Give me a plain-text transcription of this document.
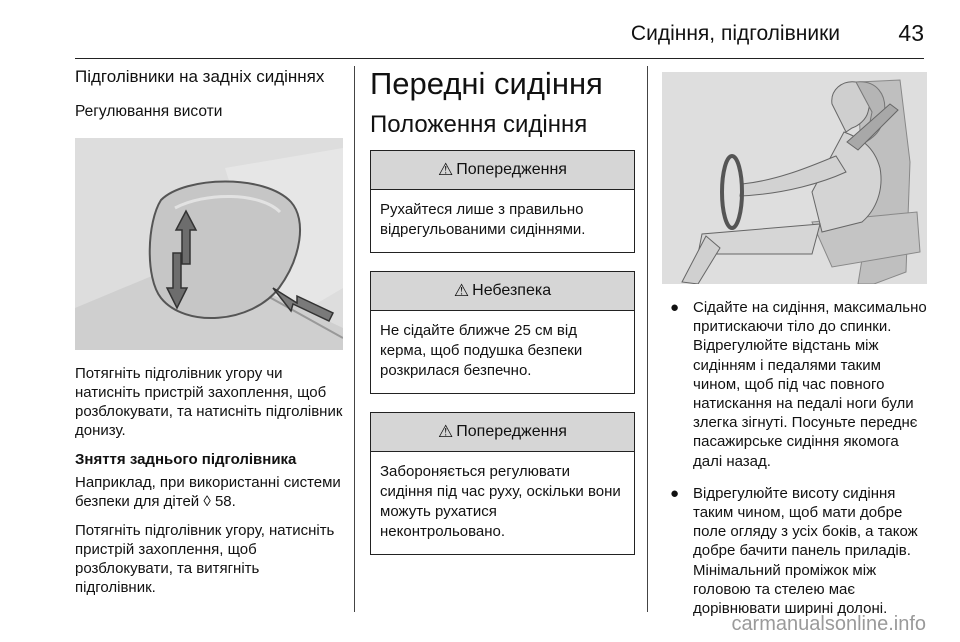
Сидіння, підголівники	43
Підголівники на задніх сидіннях
Регулювання висоти
Потягніть підголівник угору чи натисніть пристрій захоплення, щоб розблокувати, та натисніть підголівник донизу.
Зняття заднього підголівника
Наприклад, при використанні системи безпеки для дітей ◊ 58.
Потягніть підголівник угору, натисніть пристрій захоплення, щоб розблокувати, та витягніть підголівник.
Передні сидіння
Положення сидіння
⚠ Попередження
Рухайтеся лише з правильно відрегульованими сидіннями.
⚠ Небезпека
Не сідайте ближче 25 см від керма, щоб подушка безпеки розкрилася безпечно.
⚠ Попередження
Забороняється регулювати сидіння під час руху, оскільки вони можуть рухатися неконтрольовано.
● Сідайте на сидіння, максимально притискаючи тіло до спинки. Відрегулюйте відстань між сидінням і педалями таким чином, щоб під час повного натискання на педалі ноги були злегка зігнуті. Посуньте переднє пасажирське сидіння якомога далі назад.
● Відрегулюйте висоту сидіння таким чином, щоб мати добре поле огляду з усіх боків, а також добре бачити панель приладів. Мінімальний проміжок між головою та стелею має дорівнювати ширині долоні.
carmanualsonline.info
